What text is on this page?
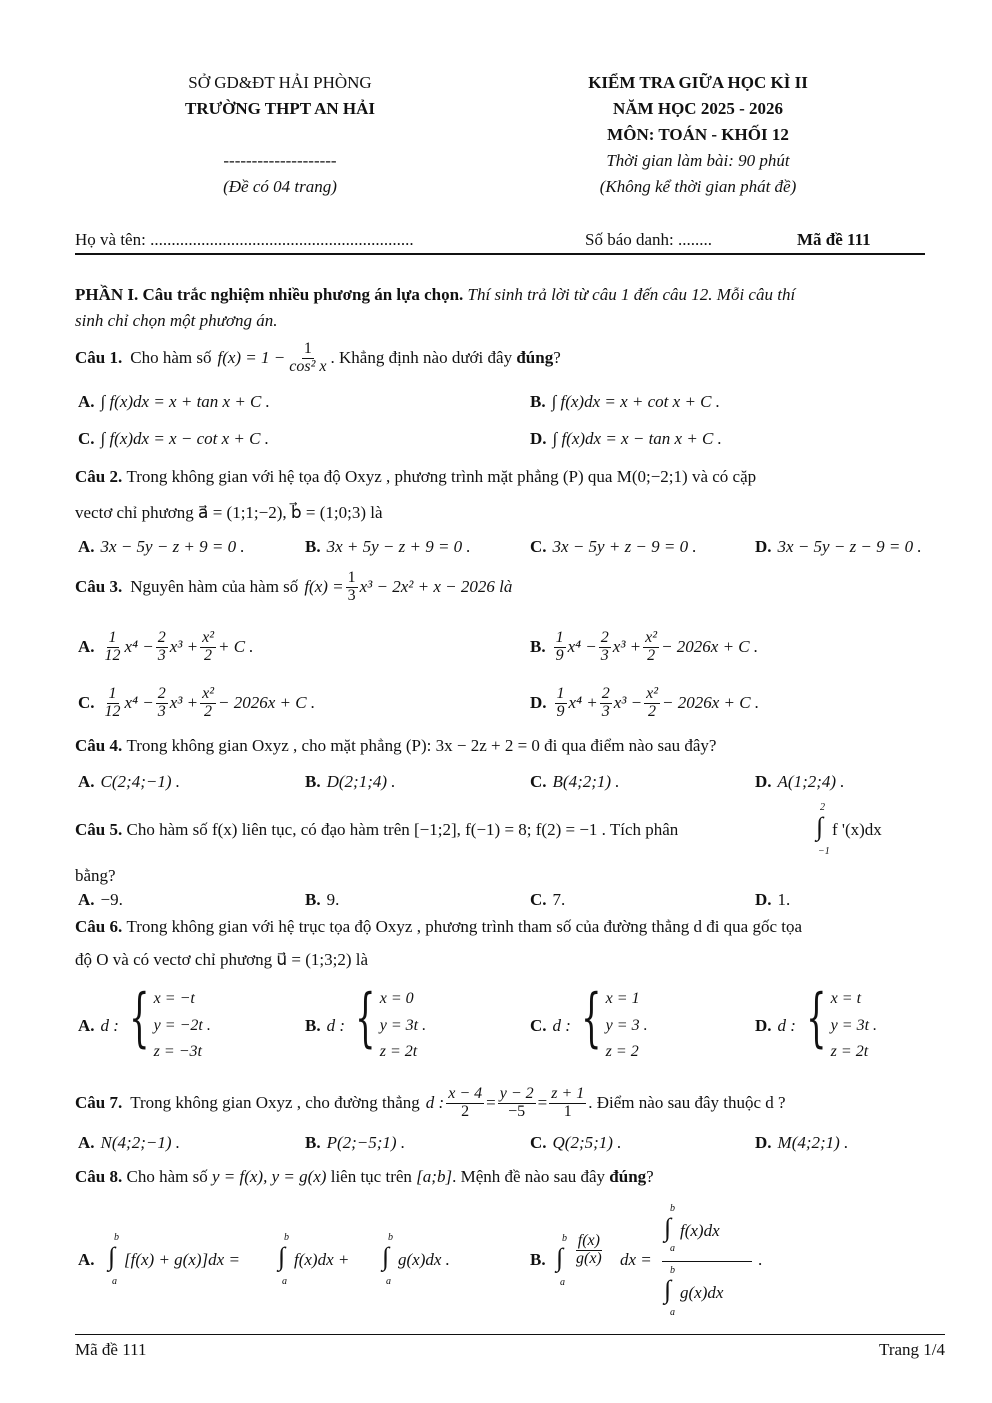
SỞ GD&ĐT HẢI PHÒNG
TRƯỜNG THPT AN HẢI
--------------------
(Đề có 04 trang)
KIỂM TRA GIỮA HỌC KÌ II
NĂM HỌC 2025 - 2026
MÔN: TOÁN - KHỐI 12
Thời gian làm bài: 90 phút
(Không kể thời gian phát đề)
Họ và tên: ..............................................................	Số báo danh: ........	Mã đề 111
PHẦN I. Câu trắc nghiệm nhiều phương án lựa chọn. Thí sinh trả lời từ câu 1 đến câu 12. Mỗi câu thí
sinh chỉ chọn một phương án.
Câu 1. Cho hàm số $f(x) = 1 - \frac{1}{\text{cos² x}}$ . Khẳng định nào dưới đây
đúng ?
A. ∫ f(x)dx = x + tan x + C .	B. ∫ f(x)dx = x + cot x + C .
C. ∫ f(x)dx = x − cot x + C .	D. ∫ f(x)dx = x − tan x + C .
Câu 2. Trong không gian với hệ tọa độ Oxyz , phương trình mặt phẳng (P) qua M(0;−2;1) và có cặp
vectơ chỉ phương a⃗ = (1;1;−2), b⃗ = (1;0;3) là
A. 3x − 5y − z + 9 = 0 .	B. 3x + 5y − z + 9 = 0 .	C. 3x − 5y + z − 9 = 0 .	D. 3x − 5y − z − 9 = 0 .
Câu 3. Nguyên hàm của hàm số $f(x) = \frac{1}{3} x^3 - 2x^2 + x - 2026$ là
A. $\frac{1}{12} x^4 - \frac{2}{3} x^3 + \frac{\text{x²}}{2} + C$ .	B. $\frac{1}{9} x^4 - \frac{2}{3} x^3 + \frac{\text{x²}}{2} - 2026x + C$ .
C. $\frac{1}{12} x^4 - \frac{2}{3} x^3 + \frac{\text{x²}}{2} - 2026x + C$ .	D. $\frac{1}{9} x^4 + \frac{2}{3} x^3 - \frac{\text{x²}}{2} - 2026x + C$ .
Câu 4. Trong không gian Oxyz , cho mặt phẳng (P): 3x − 2z + 2 = 0 đi qua điểm nào sau đây?
A. C(2;4;−1) .	B. D(2;1;4) .	C. B(4;2;1) .	D. A(1;2;4) .
Câu 5. Cho hàm số f(x) liên tục, có đạo hàm trên [−1;2], f(−1) = 8; f(2) = −1 . Tích phân
2
∫
−1
f '(x)dx
bằng?
A. −9.	B. 9.	C. 7.	D. 1.
Câu 6. Trong không gian với hệ trục tọa độ Oxyz , phương trình tham số của đường thẳng d đi qua gốc tọa
độ O và có vectơ chỉ phương u⃗ = (1;3;2) là
A. d : { x = −t
y = −2t .
z = −3t
B. d : { x = 0
y = 3t .
z = 2t
C. d : { x = 1
y = 3 .
z = 2
D. d : { x = t
y = 3t .
z = 2t
Câu 7. Trong không gian Oxyz , cho đường thẳng d : $\frac{x - 4}{2} = \frac{y - 2}{-5} = \frac{z + 1}{1}$ . Điểm nào sau đây thuộc d ?
A. N(4;2;−1) .	B. P(2;−5;1) .	C. Q(2;5;1) .	D. M(4;2;1) .
Câu 8. Cho hàm số y = f(x), y = g(x) liên tục trên [a;b]. Mệnh đề nào sau đây đúng?
A.
b
∫
a
[f(x) + g(x)]dx =
b
∫
a
f(x)dx +
b
∫
a
g(x)dx .	B.
b
∫
a
$\frac{f(x)}{g(x)}$ dx =
b
∫
a
f(x)dx
b
∫
a
g(x)dx
.
Mã đề 111	Trang 1/4
